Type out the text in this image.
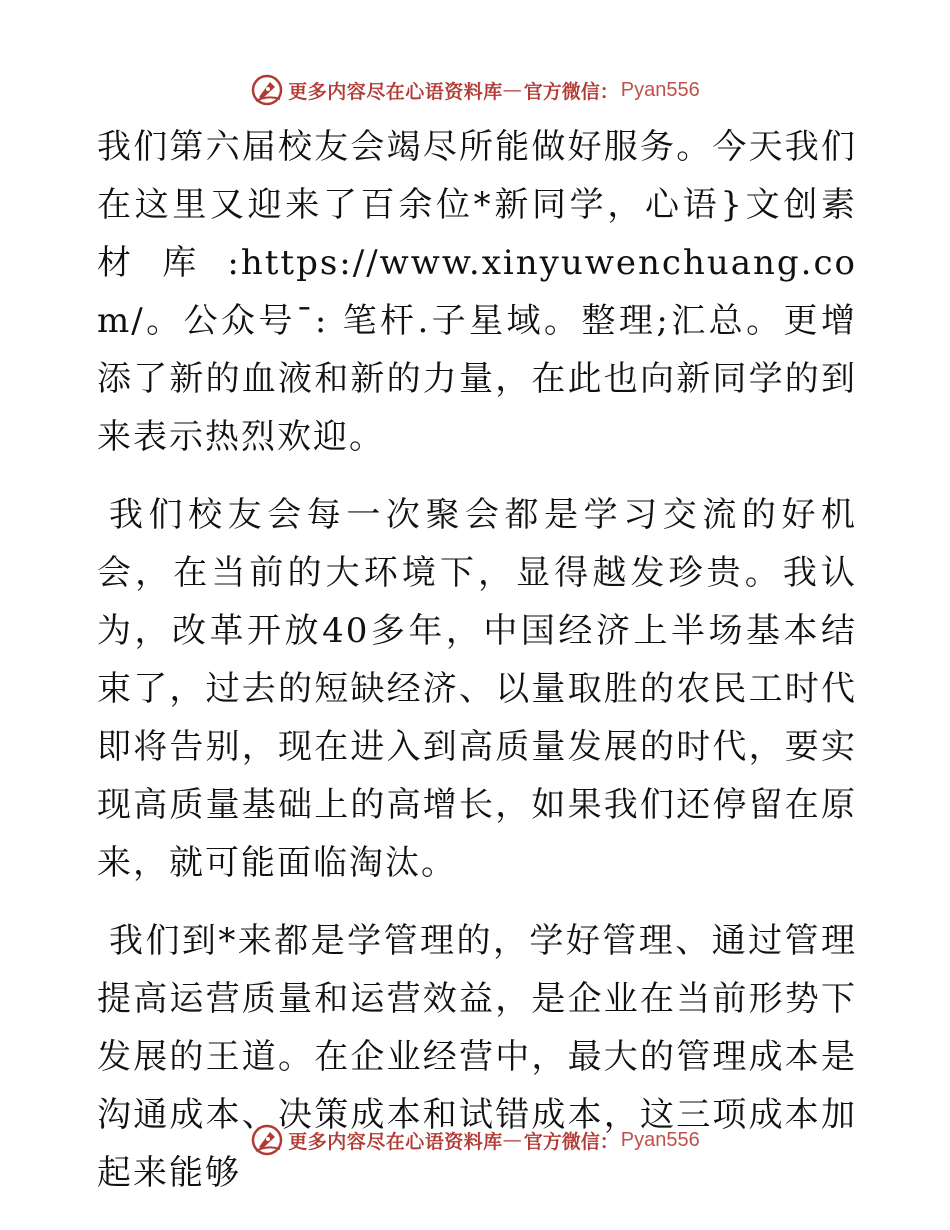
更多内容尽在心语资料库 — 官方微信： Pyan556

我们第六届校友会竭尽所能做好服务。今天我们在这里又迎来了百余位*新同学，心语}文创素材库:https://www.xinyuwenchuang.com/。公众号¯: 笔杆.子星域。整理;汇总。更增添了新的血液和新的力量，在此也向新同学的到来表示热烈欢迎。

我们校友会每一次聚会都是学习交流的好机会，在当前的大环境下，显得越发珍贵。我认为，改革开放40多年，中国经济上半场基本结束了，过去的短缺经济、以量取胜的农民工时代即将告别，现在进入到高质量发展的时代，要实现高质量基础上的高增长，如果我们还停留在原来，就可能面临淘汰。

我们到*来都是学管理的，学好管理、通过管理提高运营质量和运营效益，是企业在当前形势下发展的王道。在企业经营中，最大的管理成本是沟通成本、决策成本和试错成本，这三项成本加起来能够

更多内容尽在心语资料库 — 官方微信： Pyan556
